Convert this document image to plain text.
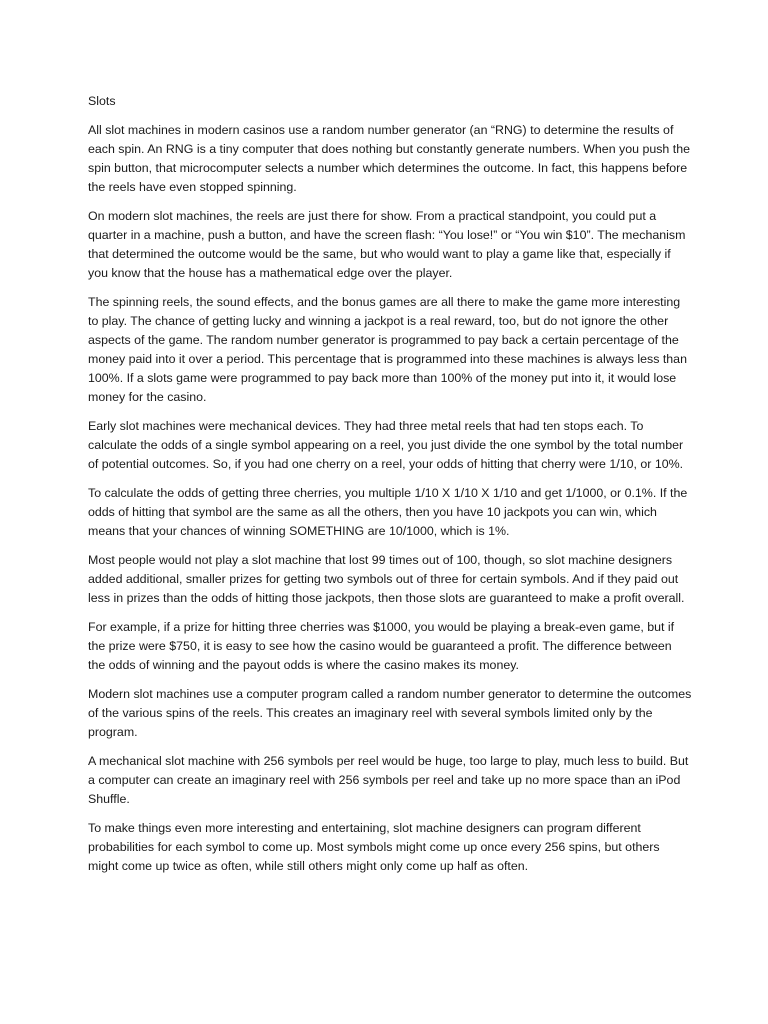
Slots

All slot machines in modern casinos use a random number generator (an “RNG) to determine the results of each spin. An RNG is a tiny computer that does nothing but constantly generate numbers. When you push the spin button, that microcomputer selects a number which determines the outcome. In fact, this happens before the reels have even stopped spinning.

On modern slot machines, the reels are just there for show. From a practical standpoint, you could put a quarter in a machine, push a button, and have the screen flash: “You lose!” or “You win $10”. The mechanism that determined the outcome would be the same, but who would want to play a game like that, especially if you know that the house has a mathematical edge over the player.

The spinning reels, the sound effects, and the bonus games are all there to make the game more interesting to play. The chance of getting lucky and winning a jackpot is a real reward, too, but do not ignore the other aspects of the game. The random number generator is programmed to pay back a certain percentage of the money paid into it over a period. This percentage that is programmed into these machines is always less than 100%. If a slots game were programmed to pay back more than 100% of the money put into it, it would lose money for the casino.

Early slot machines were mechanical devices. They had three metal reels that had ten stops each. To calculate the odds of a single symbol appearing on a reel, you just divide the one symbol by the total number of potential outcomes. So, if you had one cherry on a reel, your odds of hitting that cherry were 1/10, or 10%.

To calculate the odds of getting three cherries, you multiple 1/10 X 1/10 X 1/10 and get 1/1000, or 0.1%. If the odds of hitting that symbol are the same as all the others, then you have 10 jackpots you can win, which means that your chances of winning SOMETHING are 10/1000, which is 1%.

Most people would not play a slot machine that lost 99 times out of 100, though, so slot machine designers added additional, smaller prizes for getting two symbols out of three for certain symbols. And if they paid out less in prizes than the odds of hitting those jackpots, then those slots are guaranteed to make a profit overall.

For example, if a prize for hitting three cherries was $1000, you would be playing a break-even game, but if the prize were $750, it is easy to see how the casino would be guaranteed a profit. The difference between the odds of winning and the payout odds is where the casino makes its money.

Modern slot machines use a computer program called a random number generator to determine the outcomes of the various spins of the reels. This creates an imaginary reel with several symbols limited only by the program.

A mechanical slot machine with 256 symbols per reel would be huge, too large to play, much less to build. But a computer can create an imaginary reel with 256 symbols per reel and take up no more space than an iPod Shuffle.

To make things even more interesting and entertaining, slot machine designers can program different probabilities for each symbol to come up. Most symbols might come up once every 256 spins, but others might come up twice as often, while still others might only come up half as often.
